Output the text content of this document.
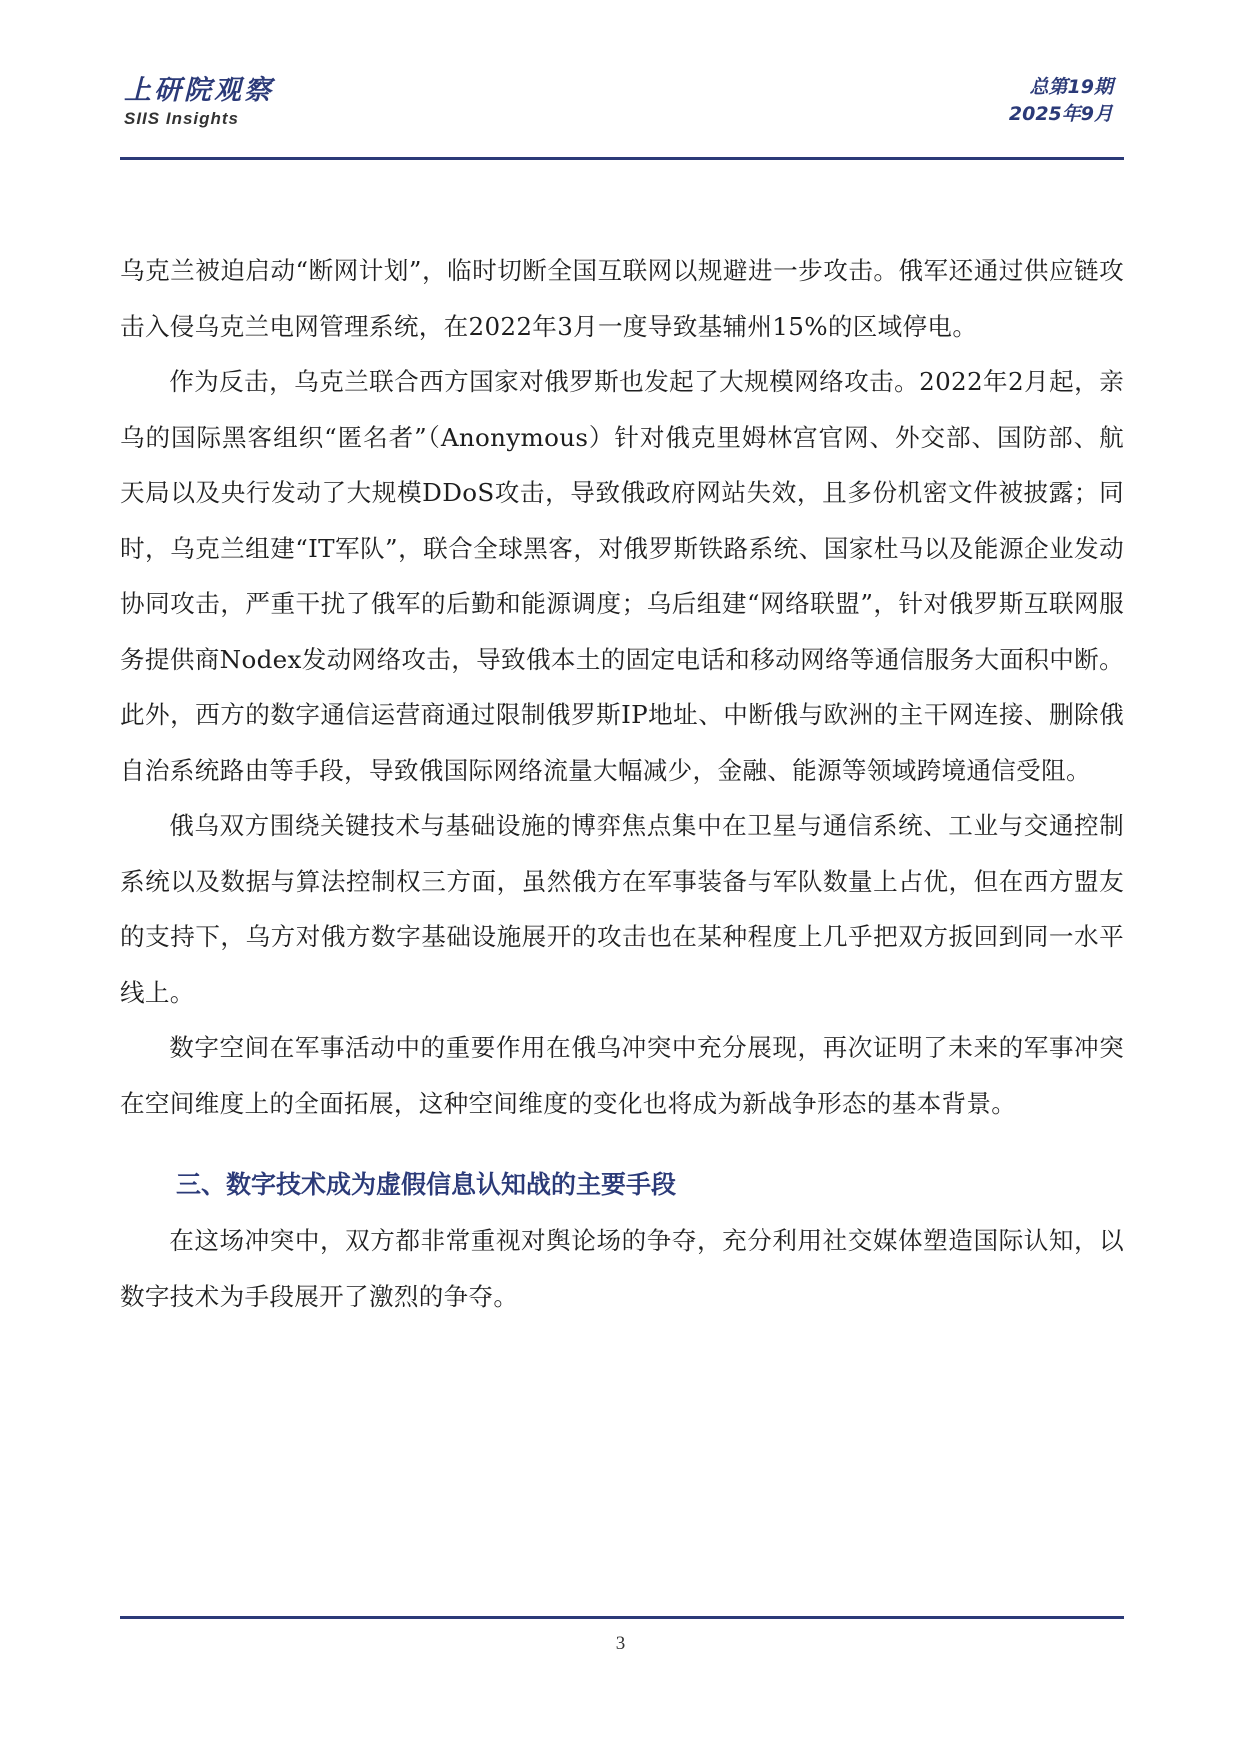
上研院观察
SIIS Insights
总第19期
2025年9月

乌克兰被迫启动“断网计划”，临时切断全国互联网以规避进一步攻击。俄军还通过供应链攻击入侵乌克兰电网管理系统，在2022年3月一度导致基辅州15%的区域停电。

作为反击，乌克兰联合西方国家对俄罗斯也发起了大规模网络攻击。2022年2月起，亲乌的国际黑客组织“匿名者”（Anonymous）针对俄克里姆林宫官网、外交部、国防部、航天局以及央行发动了大规模DDoS攻击，导致俄政府网站失效，且多份机密文件被披露；同时，乌克兰组建“IT军队”，联合全球黑客，对俄罗斯铁路系统、国家杜马以及能源企业发动协同攻击，严重干扰了俄军的后勤和能源调度；乌后组建“网络联盟”，针对俄罗斯互联网服务提供商Nodex发动网络攻击，导致俄本土的固定电话和移动网络等通信服务大面积中断。此外，西方的数字通信运营商通过限制俄罗斯IP地址、中断俄与欧洲的主干网连接、删除俄自治系统路由等手段，导致俄国际网络流量大幅减少，金融、能源等领域跨境通信受阻。

俄乌双方围绕关键技术与基础设施的博弈焦点集中在卫星与通信系统、工业与交通控制系统以及数据与算法控制权三方面，虽然俄方在军事装备与军队数量上占优，但在西方盟友的支持下，乌方对俄方数字基础设施展开的攻击也在某种程度上几乎把双方扳回到同一水平线上。

数字空间在军事活动中的重要作用在俄乌冲突中充分展现，再次证明了未来的军事冲突在空间维度上的全面拓展，这种空间维度的变化也将成为新战争形态的基本背景。

三、数字技术成为虚假信息认知战的主要手段

在这场冲突中，双方都非常重视对舆论场的争夺，充分利用社交媒体塑造国际认知，以数字技术为手段展开了激烈的争夺。

3
